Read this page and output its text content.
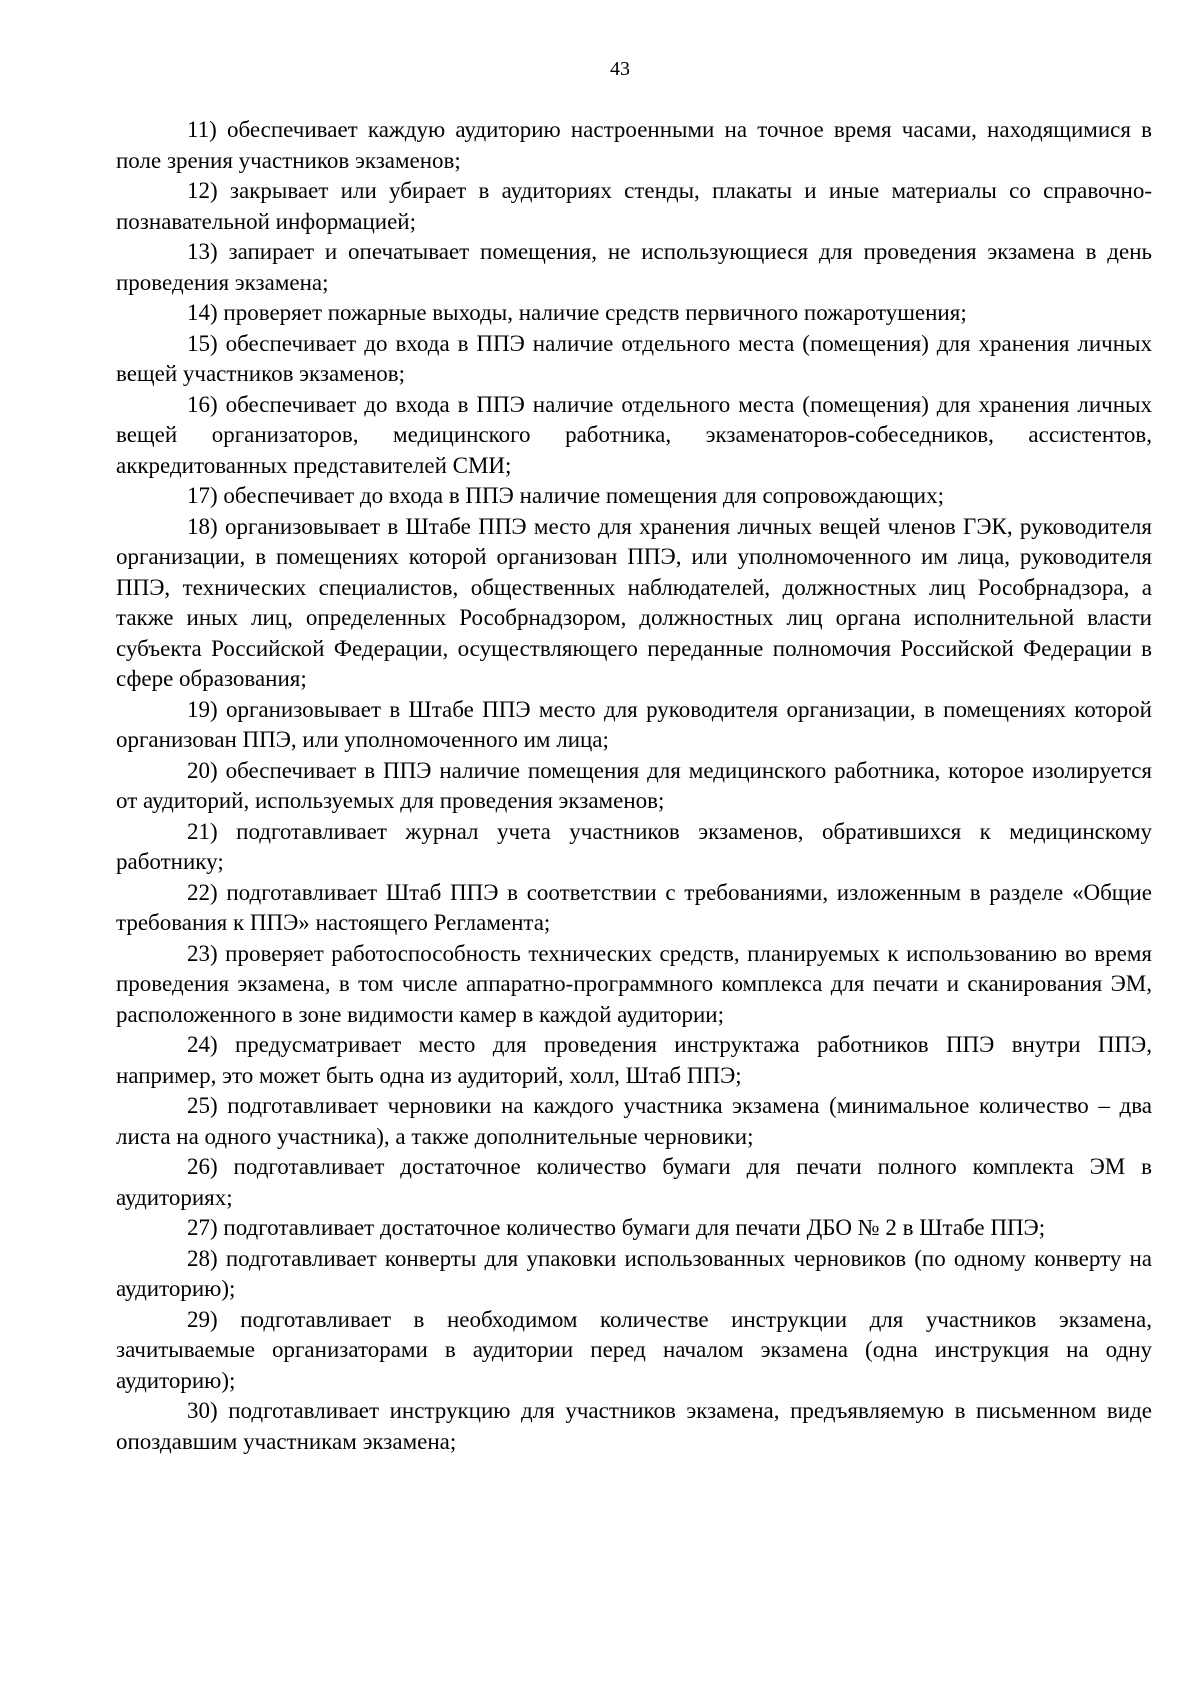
43

11) обеспечивает каждую аудиторию настроенными на точное время часами, находящимися в поле зрения участников экзаменов;

12) закрывает или убирает в аудиториях стенды, плакаты и иные материалы со справочно-познавательной информацией;

13) запирает и опечатывает помещения, не использующиеся для проведения экзамена в день проведения экзамена;

14) проверяет пожарные выходы, наличие средств первичного пожаротушения;

15) обеспечивает до входа в ППЭ наличие отдельного места (помещения) для хранения личных вещей участников экзаменов;

16) обеспечивает до входа в ППЭ наличие отдельного места (помещения) для хранения личных вещей организаторов, медицинского работника, экзаменаторов-собеседников, ассистентов, аккредитованных представителей СМИ;

17) обеспечивает до входа в ППЭ наличие помещения для сопровождающих;

18) организовывает в Штабе ППЭ место для хранения личных вещей членов ГЭК, руководителя организации, в помещениях которой организован ППЭ, или уполномоченного им лица, руководителя ППЭ, технических специалистов, общественных наблюдателей, должностных лиц Рособрнадзора, а также иных лиц, определенных Рособрнадзором, должностных лиц органа исполнительной власти субъекта Российской Федерации, осуществляющего переданные полномочия Российской Федерации в сфере образования;

19) организовывает в Штабе ППЭ место для руководителя организации, в помещениях которой организован ППЭ, или уполномоченного им лица;

20) обеспечивает в ППЭ наличие помещения для медицинского работника, которое изолируется от аудиторий, используемых для проведения экзаменов;

21) подготавливает журнал учета участников экзаменов, обратившихся к медицинскому работнику;

22) подготавливает Штаб ППЭ в соответствии с требованиями, изложенным в разделе «Общие требования к ППЭ» настоящего Регламента;

23) проверяет работоспособность технических средств, планируемых к использованию во время проведения экзамена, в том числе аппаратно-программного комплекса для печати и сканирования ЭМ, расположенного в зоне видимости камер в каждой аудитории;

24) предусматривает место для проведения инструктажа работников ППЭ внутри ППЭ, например, это может быть одна из аудиторий, холл, Штаб ППЭ;

25) подготавливает черновики на каждого участника экзамена (минимальное количество – два листа на одного участника), а также дополнительные черновики;

26) подготавливает достаточное количество бумаги для печати полного комплекта ЭМ в аудиториях;

27) подготавливает достаточное количество бумаги для печати ДБО № 2 в Штабе ППЭ;

28) подготавливает конверты для упаковки использованных черновиков (по одному конверту на аудиторию);

29) подготавливает в необходимом количестве инструкции для участников экзамена, зачитываемые организаторами в аудитории перед началом экзамена (одна инструкция на одну аудиторию);

30) подготавливает инструкцию для участников экзамена, предъявляемую в письменном виде опоздавшим участникам экзамена;
